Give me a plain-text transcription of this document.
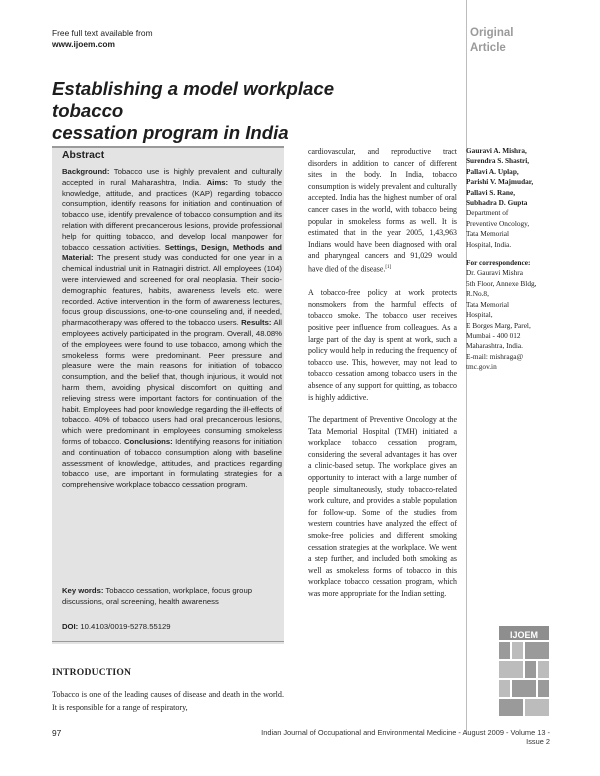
Free full text available from
www.ijoem.com
Original
Article
Establishing a model workplace tobacco
cessation program in India
Abstract
Background: Tobacco use is highly prevalent and culturally accepted in rural Maharashtra, India. Aims: To study the knowledge, attitude, and practices (KAP) regarding tobacco consumption, identify reasons for initiation and continuation of tobacco use, identify prevalence of tobacco consumption and its relation with different precancerous lesions, provide professional help for quitting tobacco, and develop local manpower for tobacco cessation activities. Settings, Design, Methods and Material: The present study was conducted for one year in a chemical industrial unit in Ratnagiri district. All employees (104) were interviewed and screened for oral neoplasia. Their socio-demographic features, habits, awareness levels etc. were recorded. Active intervention in the form of awareness lectures, focus group discussions, one-to-one counseling and, if needed, pharmacotherapy was offered to the tobacco users. Results: All employees actively participated in the program. Overall, 48.08% of the employees were found to use tobacco, among which the smokeless forms were predominant. Peer pressure and pleasure were the main reasons for initiation of tobacco consumption, and the belief that, though injurious, it would not harm them, avoiding physical discomfort on quitting and relieving stress were important factors for continuation of the habit. Employees had poor knowledge regarding the ill-effects of tobacco. 40% of tobacco users had oral precancerous lesions, which were predominant in employees consuming smokeless forms of tobacco. Conclusions: Identifying reasons for initiation and continuation of tobacco consumption along with baseline assessment of knowledge, attitudes, and practices regarding tobacco use, are important in formulating strategies for a comprehensive workplace tobacco cessation program.
Key words: Tobacco cessation, workplace, focus group discussions, oral screening, health awareness
DOI: 10.4103/0019-5278.55129
INTRODUCTION
Tobacco is one of the leading causes of disease and death in the world. It is responsible for a range of respiratory,

cardiovascular, and reproductive tract disorders in addition to cancer of different sites in the body. In India, tobacco consumption is widely prevalent and culturally accepted. India has the highest number of oral cancer cases in the world, with tobacco being popular in smokeless forms as well. It is estimated that in the year 2005, 1,43,963 Indians would have been diagnosed with oral and pharyngeal cancers and 91,029 would have died of the disease.[1]

A tobacco-free policy at work protects nonsmokers from the harmful effects of tobacco smoke. The tobacco user receives positive peer influence from colleagues. As a large part of the day is spent at work, such a policy would help in reducing the frequency of tobacco use. This, however, may not lead to tobacco cessation among tobacco users in the absence of any support for quitting, as tobacco is highly addictive.

The department of Preventive Oncology at the Tata Memorial Hospital (TMH) initiated a workplace tobacco cessation program, considering the several advantages it has over a clinic-based setup. The workplace gives an opportunity to interact with a large number of people simultaneously, study tobacco-related work culture, and provides a stable population for follow-up. Some of the studies from western countries have analyzed the effect of smoke-free policies and different smoking cessation strategies at the workplace. We went a step further, and included both smoking as well as smokeless forms of tobacco in this workplace tobacco cessation program, which was more appropriate for the Indian setting.

Gauravi A. Mishra,
Surendra S. Shastri,
Pallavi A. Uplap,
Parishi V. Majmudar,
Pallavi S. Rane,
Subhadra D. Gupta
Department of
Preventive Oncology,
Tata Memorial
Hospital, India.
For correspondence:
Dr. Gauravi Mishra
5th Floor, Annexe Bldg,
R.No.8,
Tata Memorial
Hospital,
E Borges Marg, Parel,
Mumbai - 400 012
Maharashtra, India.
E-mail: mishraga@
tmc.gov.in
IJOEM
97	Indian Journal of Occupational and Environmental Medicine - August 2009 - Volume 13 - Issue 2
